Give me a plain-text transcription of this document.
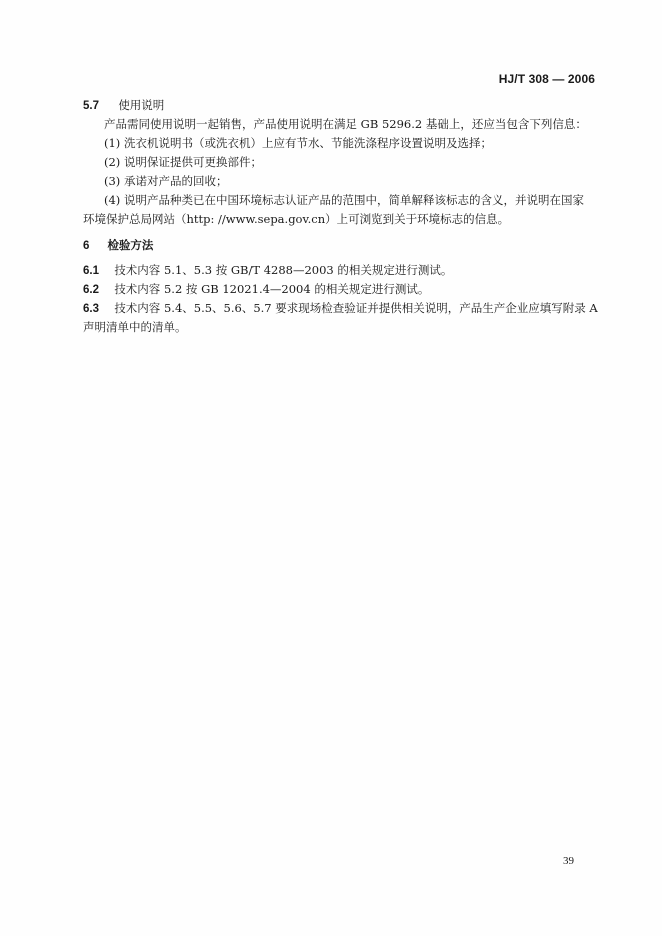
HJ/T 308 — 2006
5.7 使用说明
产品需同使用说明一起销售，产品使用说明在满足 GB 5296.2 基础上，还应当包含下列信息：
(1) 洗衣机说明书（或洗衣机）上应有节水、节能洗涤程序设置说明及选择；
(2) 说明保证提供可更换部件；
(3) 承诺对产品的回收；
(4) 说明产品种类已在中国环境标志认证产品的范围中，简单解释该标志的含义，并说明在国家
环境保护总局网站（http: //www.sepa.gov.cn）上可浏览到关于环境标志的信息。
6 检验方法
6.1 技术内容 5.1、5.3 按 GB/T 4288—2003 的相关规定进行测试。
6.2 技术内容 5.2 按 GB 12021.4—2004 的相关规定进行测试。
6.3 技术内容 5.4、5.5、5.6、5.7 要求现场检查验证并提供相关说明，产品生产企业应填写附录 A
声明清单中的清单。
39
